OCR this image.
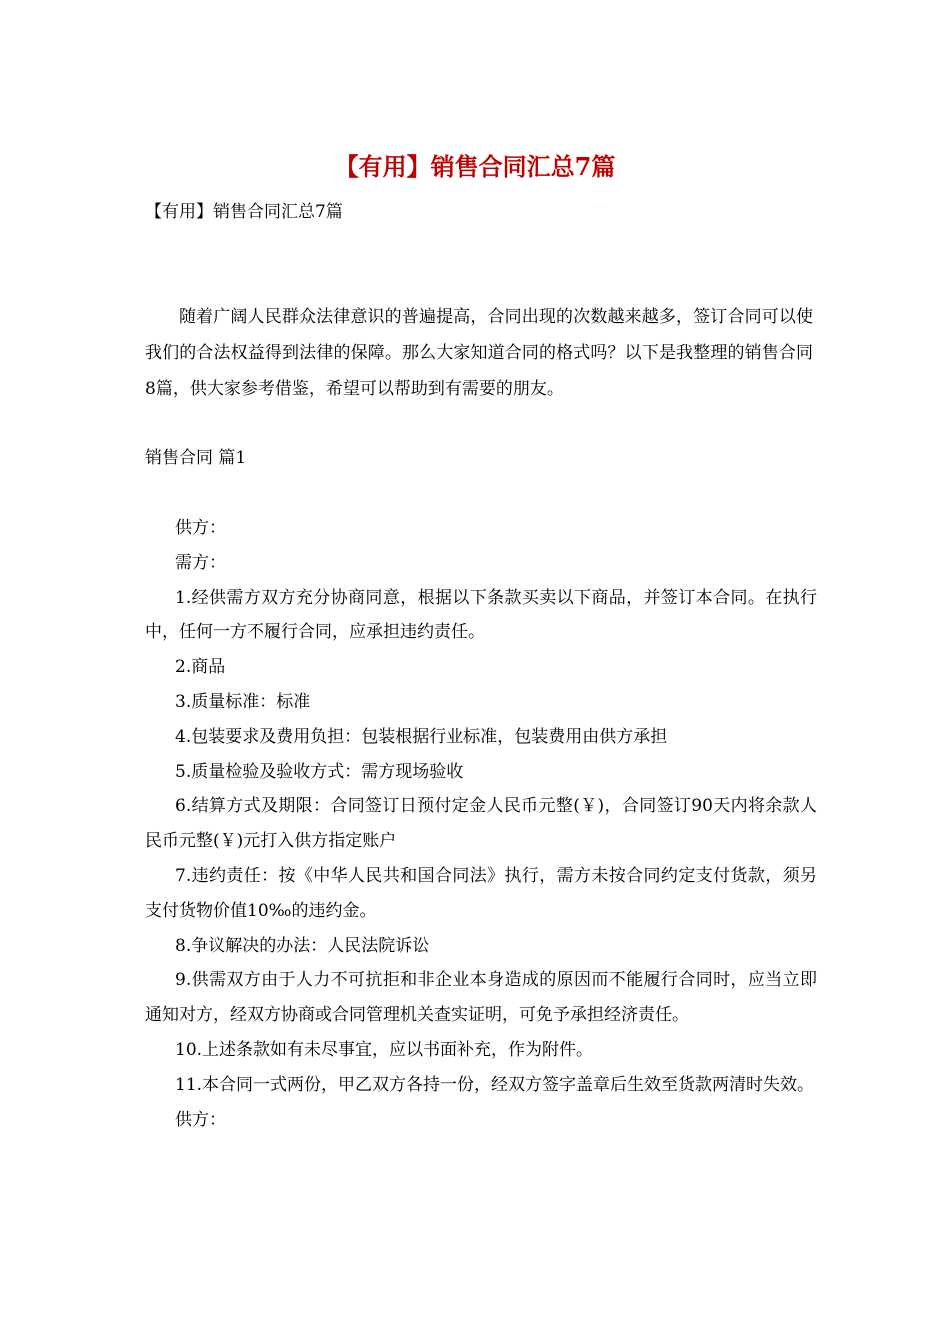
【有用】销售合同汇总7篇

【有用】销售合同汇总7篇

随着广阔人民群众法律意识的普遍提高，合同出现的次数越来越多，签订合同可以使我们的合法权益得到法律的保障。那么大家知道合同的格式吗？以下是我整理的销售合同8篇，供大家参考借鉴，希望可以帮助到有需要的朋友。

销售合同 篇1

供方：
需方：
1.经供需方双方充分协商同意，根据以下条款买卖以下商品，并签订本合同。在执行中，任何一方不履行合同，应承担违约责任。
2.商品
3.质量标准：标准
4.包装要求及费用负担：包装根据行业标准，包装费用由供方承担
5.质量检验及验收方式：需方现场验收
6.结算方式及期限：合同签订日预付定金人民币元整(￥)，合同签订90天内将余款人民币元整(￥)元打入供方指定账户
7.违约责任：按《中华人民共和国合同法》执行，需方未按合同约定支付货款，须另支付货物价值10‰的违约金。
8.争议解决的办法：人民法院诉讼
9.供需双方由于人力不可抗拒和非企业本身造成的原因而不能履行合同时，应当立即通知对方，经双方协商或合同管理机关查实证明，可免予承担经济责任。
10.上述条款如有未尽事宜，应以书面补充，作为附件。
11.本合同一式两份，甲乙双方各持一份，经双方签字盖章后生效至货款两清时失效。
供方：
